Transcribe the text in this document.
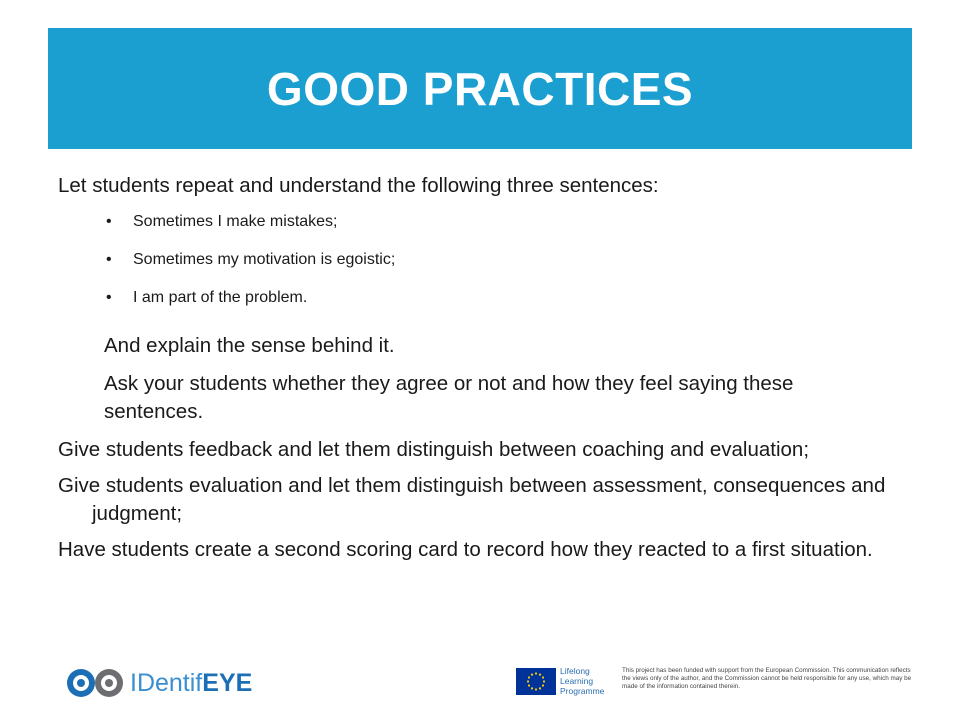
GOOD PRACTICES

Let students repeat and understand the following three sentences:

• Sometimes I make mistakes;
• Sometimes my motivation is egoistic;
• I am part of the problem.

And explain the sense behind it.

Ask your students whether they agree or not and how they feel saying these sentences.

Give students feedback and let them distinguish between coaching and evaluation;

Give students evaluation and let them distinguish between assessment, consequences and judgment;

Have students create a second scoring card to record how they reacted to a first situation.

IDentifEYE	Lifelong
Learning
Programme
This project has been funded with support from the European Commission. This communication reflects the views only of the author, and the Commission cannot be held responsible for any use, which may be made of the information contained therein.
